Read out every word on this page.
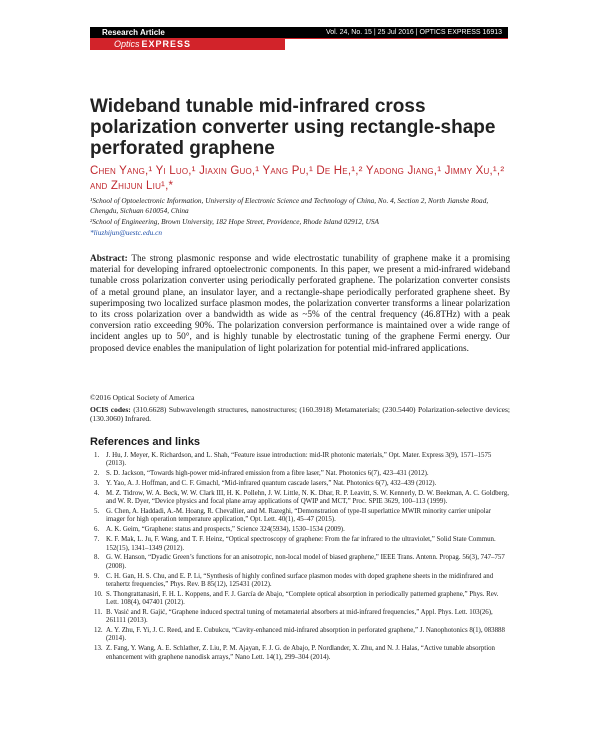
Research Article	Vol. 24, No. 15 | 25 Jul 2016 | OPTICS EXPRESS 16913
Optics EXPRESS
Wideband tunable mid-infrared cross polarization converter using rectangle-shape perforated graphene

Chen Yang,¹ Yi Luo,¹ Jiaxin Guo,¹ Yang Pu,¹ De He,¹,² Yadong Jiang,¹ Jimmy Xu,¹,² and Zhijun Liu¹,*

¹School of Optoelectronic Information, University of Electronic Science and Technology of China, No. 4, Section 2, North Jianshe Road, Chengdu, Sichuan 610054, China

²School of Engineering, Brown University, 182 Hope Street, Providence, Rhode Island 02912, USA

*liuzhijun@uestc.edu.cn

Abstract: The strong plasmonic response and wide electrostatic tunability of graphene make it a promising material for developing infrared optoelectronic components. In this paper, we present a mid-infrared wideband tunable cross polarization converter using periodically perforated graphene. The polarization converter consists of a metal ground plane, an insulator layer, and a rectangle-shape periodically perforated graphene sheet. By superimposing two localized surface plasmon modes, the polarization converter transforms a linear polarization to its cross polarization over a bandwidth as wide as ~5% of the central frequency (46.8THz) with a peak conversion ratio exceeding 90%. The polarization conversion performance is maintained over a wide range of incident angles up to 50°, and is highly tunable by electrostatic tuning of the graphene Fermi energy. Our proposed device enables the manipulation of light polarization for potential mid-infrared applications.

©2016 Optical Society of America
OCIS codes: (310.6628) Subwavelength structures, nanostructures; (160.3918) Metamaterials; (230.5440) Polarization-selective devices; (130.3060) Infrared.
References and links
1. J. Hu, J. Meyer, K. Richardson, and L. Shah, “Feature issue introduction: mid-IR photonic materials,” Opt. Mater. Express 3(9), 1571–1575 (2013).
2. S. D. Jackson, “Towards high-power mid-infrared emission from a fibre laser,” Nat. Photonics 6(7), 423–431 (2012).
3. Y. Yao, A. J. Hoffman, and C. F. Gmachl, “Mid-infrared quantum cascade lasers,” Nat. Photonics 6(7), 432–439 (2012).
4. M. Z. Tidrow, W. A. Beck, W. W. Clark III, H. K. Pollehn, J. W. Little, N. K. Dhar, R. P. Leavitt, S. W. Kennerly, D. W. Beekman, A. C. Goldberg, and W. R. Dyer, “Device physics and focal plane array applications of QWIP and MCT,” Proc. SPIE 3629, 100–113 (1999).
5. G. Chen, A. Haddadi, A.-M. Hoang, R. Chevallier, and M. Razeghi, “Demonstration of type-II superlattice MWIR minority carrier unipolar imager for high operation temperature application,” Opt. Lett. 40(1), 45–47 (2015).
6. A. K. Geim, “Graphene: status and prospects,” Science 324(5934), 1530–1534 (2009).
7. K. F. Mak, L. Ju, F. Wang, and T. F. Heinz, “Optical spectroscopy of graphene: From the far infrared to the ultraviolet,” Solid State Commun. 152(15), 1341–1349 (2012).
8. G. W. Hanson, “Dyadic Green’s functions for an anisotropic, non-local model of biased graphene,” IEEE Trans. Antenn. Propag. 56(3), 747–757 (2008).
9. C. H. Gan, H. S. Chu, and E. P. Li, “Synthesis of highly confined surface plasmon modes with doped graphene sheets in the midinfrared and terahertz frequencies,” Phys. Rev. B 85(12), 125431 (2012).
10. S. Thongrattanasiri, F. H. L. Koppens, and F. J. García de Abajo, “Complete optical absorption in periodically patterned graphene,” Phys. Rev. Lett. 108(4), 047401 (2012).
11. B. Vasić and R. Gajić, “Graphene induced spectral tuning of metamaterial absorbers at mid-infrared frequencies,” Appl. Phys. Lett. 103(26), 261111 (2013).
12. A. Y. Zhu, F. Yi, J. C. Reed, and E. Cubukcu, “Cavity-enhanced mid-infrared absorption in perforated graphene,” J. Nanophotonics 8(1), 083888 (2014).
13. Z. Fang, Y. Wang, A. E. Schlather, Z. Liu, P. M. Ajayan, F. J. G. de Abajo, P. Nordlander, X. Zhu, and N. J. Halas, “Active tunable absorption enhancement with graphene nanodisk arrays,” Nano Lett. 14(1), 299–304 (2014).
